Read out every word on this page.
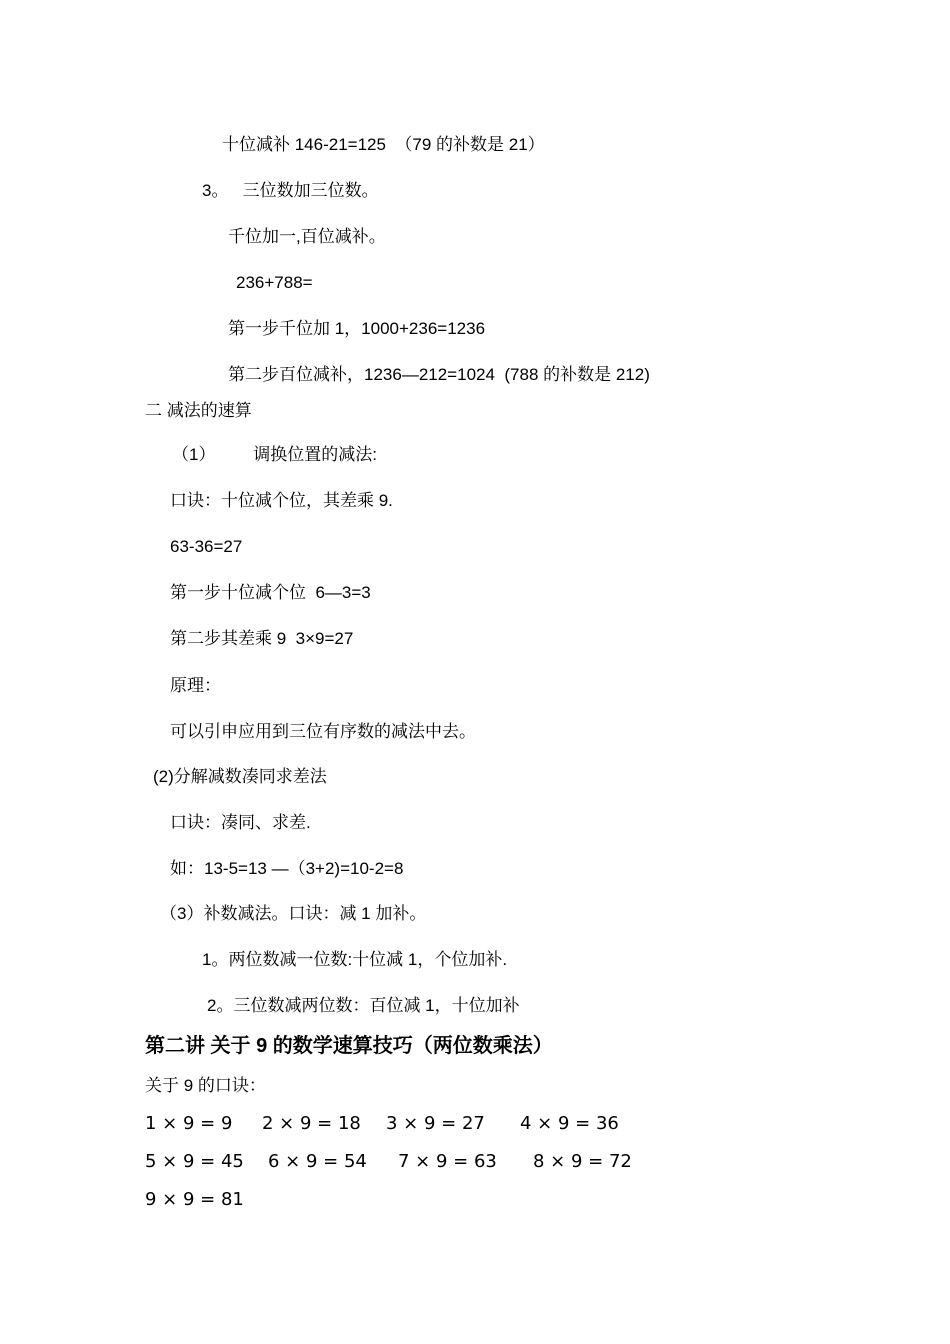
十位减补 146-21=125  （79 的补数是 21）
3。   三位数加三位数。
千位加一,百位减补。
236+788=
第一步千位加 1，1000+236=1236
第二步百位减补，1236—212=1024  (788 的补数是 212)
二 减法的速算
（1）        调换位置的减法:
口诀：十位减个位，其差乘 9.
63-36=27
第一步十位减个位  6—3=3
第二步其差乘 9  3×9=27
原理：
可以引申应用到三位有序数的减法中去。
(2)分解减数凑同求差法
口诀：凑同、求差.
如：13-5=13 —（3+2)=10-2=8
（3）补数减法。口诀：减 1 加补。
1。两位数减一位数:十位减 1，个位加补.
2。三位数减两位数：百位减 1，十位加补
第二讲 关于 9 的数学速算技巧（两位数乘法）
关于 9 的口诀：
1 × 9 = 9 2 × 9 = 18 3 × 9 = 27 4 × 9 = 36
5 × 9 = 45 6 × 9 = 54 7 × 9 = 63 8 × 9 = 72
9 × 9 = 81
